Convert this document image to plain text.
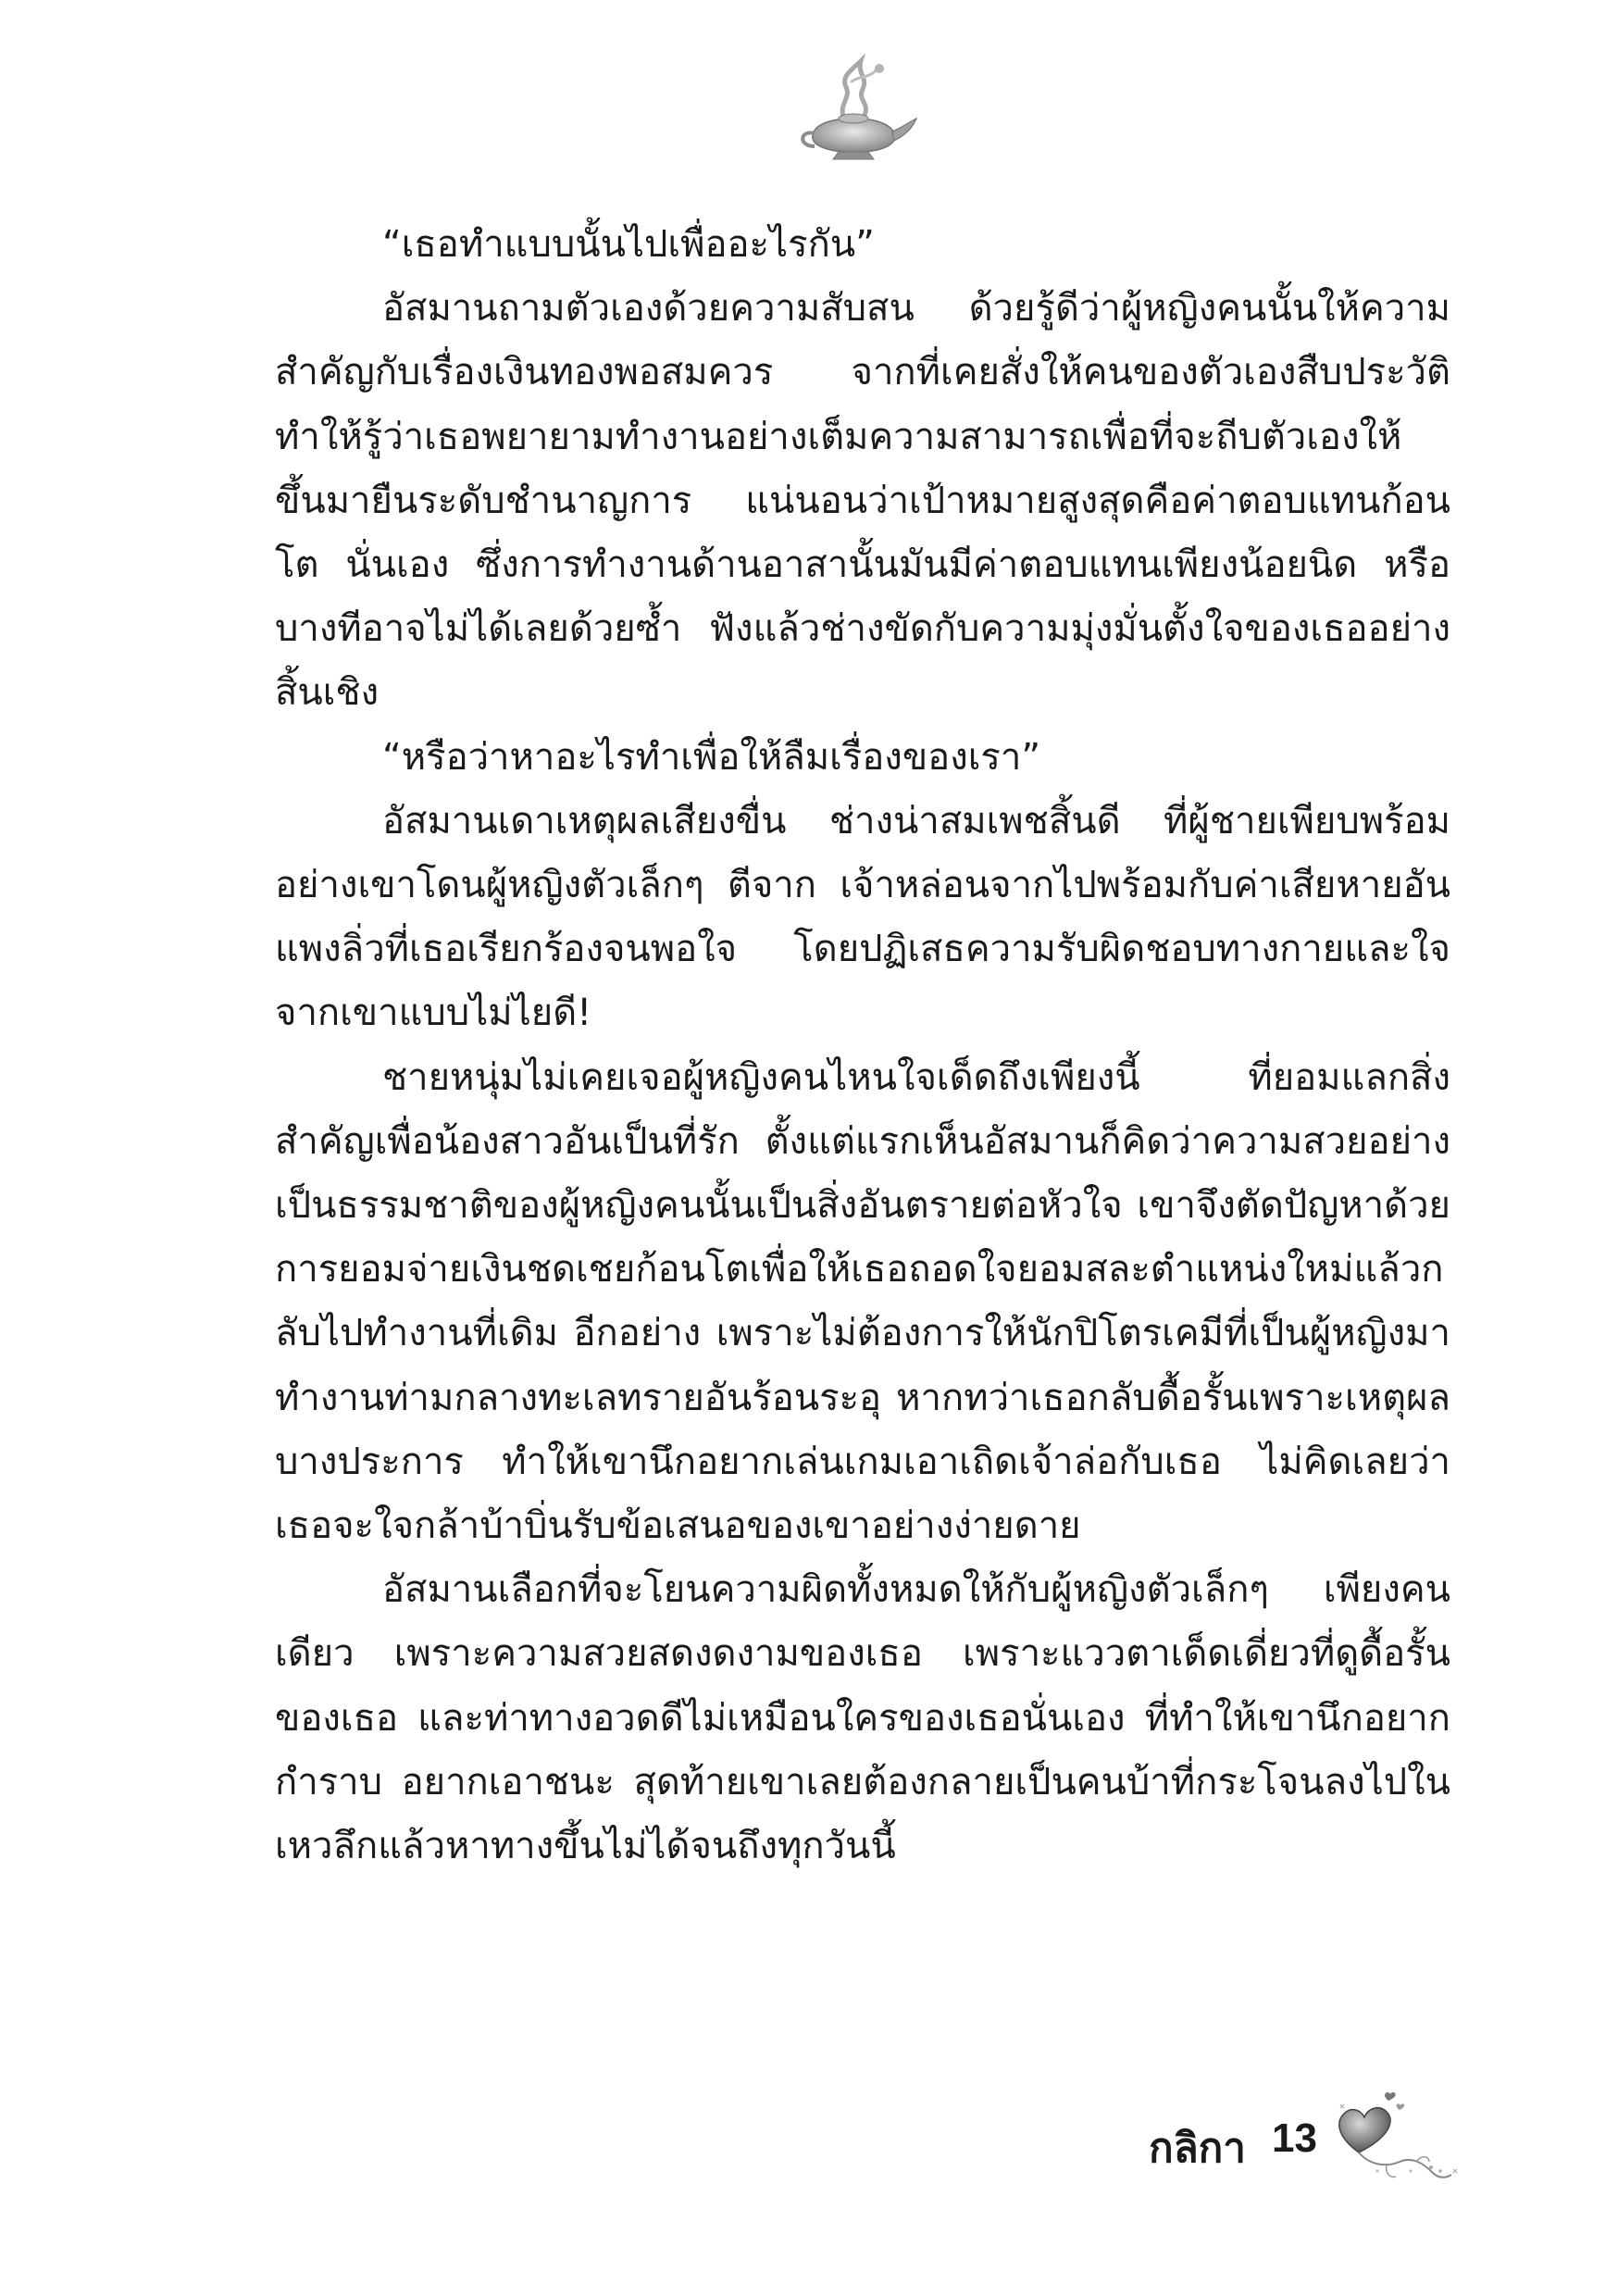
“เธอทำแบบนั้นไปเพื่ออะไรกัน”

อัสมานถามตัวเองด้วยความสับสน ด้วยรู้ดีว่าผู้หญิงคนนั้นให้ความสำคัญกับเรื่องเงินทองพอสมควร จากที่เคยสั่งให้คนของตัวเองสืบประวัติ ทำให้รู้ว่าเธอพยายามทำงานอย่างเต็มความสามารถเพื่อที่จะถีบตัวเองให้ขึ้นมายืนระดับชำนาญการ แน่นอนว่าเป้าหมายสูงสุดคือค่าตอบแทนก้อนโต นั่นเอง ซึ่งการทำงานด้านอาสานั้นมันมีค่าตอบแทนเพียงน้อยนิด หรือบางทีอาจไม่ได้เลยด้วยซ้ำ ฟังแล้วช่างขัดกับความมุ่งมั่นตั้งใจของเธออย่างสิ้นเชิง

“หรือว่าหาอะไรทำเพื่อให้ลืมเรื่องของเรา”

อัสมานเดาเหตุผลเสียงขื่น ช่างน่าสมเพชสิ้นดี ที่ผู้ชายเพียบพร้อมอย่างเขาโดนผู้หญิงตัวเล็กๆ ตีจาก เจ้าหล่อนจากไปพร้อมกับค่าเสียหายอันแพงลิ่วที่เธอเรียกร้องจนพอใจ โดยปฏิเสธความรับผิดชอบทางกายและใจจากเขาแบบไม่ไยดี!

ชายหนุ่มไม่เคยเจอผู้หญิงคนไหนใจเด็ดถึงเพียงนี้ ที่ยอมแลกสิ่งสำคัญเพื่อน้องสาวอันเป็นที่รัก ตั้งแต่แรกเห็นอัสมานก็คิดว่าความสวยอย่างเป็นธรรมชาติของผู้หญิงคนนั้นเป็นสิ่งอันตรายต่อหัวใจ เขาจึงตัดปัญหาด้วยการยอมจ่ายเงินชดเชยก้อนโตเพื่อให้เธอถอดใจยอมสละตำแหน่งใหม่แล้วกลับไปทำงานที่เดิม อีกอย่าง เพราะไม่ต้องการให้นักปิโตรเคมีที่เป็นผู้หญิงมาทำงานท่ามกลางทะเลทรายอันร้อนระอุ หากทว่าเธอกลับดื้อรั้นเพราะเหตุผลบางประการ ทำให้เขานึกอยากเล่นเกมเอาเถิดเจ้าล่อกับเธอ ไม่คิดเลยว่าเธอจะใจกล้าบ้าบิ่นรับข้อเสนอของเขาอย่างง่ายดาย

อัสมานเลือกที่จะโยนความผิดทั้งหมดให้กับผู้หญิงตัวเล็กๆ เพียงคนเดียว เพราะความสวยสดงดงามของเธอ เพราะแววตาเด็ดเดี่ยวที่ดูดื้อรั้นของเธอ และท่าทางอวดดีไม่เหมือนใครของเธอนั่นเอง ที่ทำให้เขานึกอยากกำราบ อยากเอาชนะ สุดท้ายเขาเลยต้องกลายเป็นคนบ้าที่กระโจนลงไปในเหวลึกแล้วหาทางขึ้นไม่ได้จนถึงทุกวันนี้

กลิกา 13
